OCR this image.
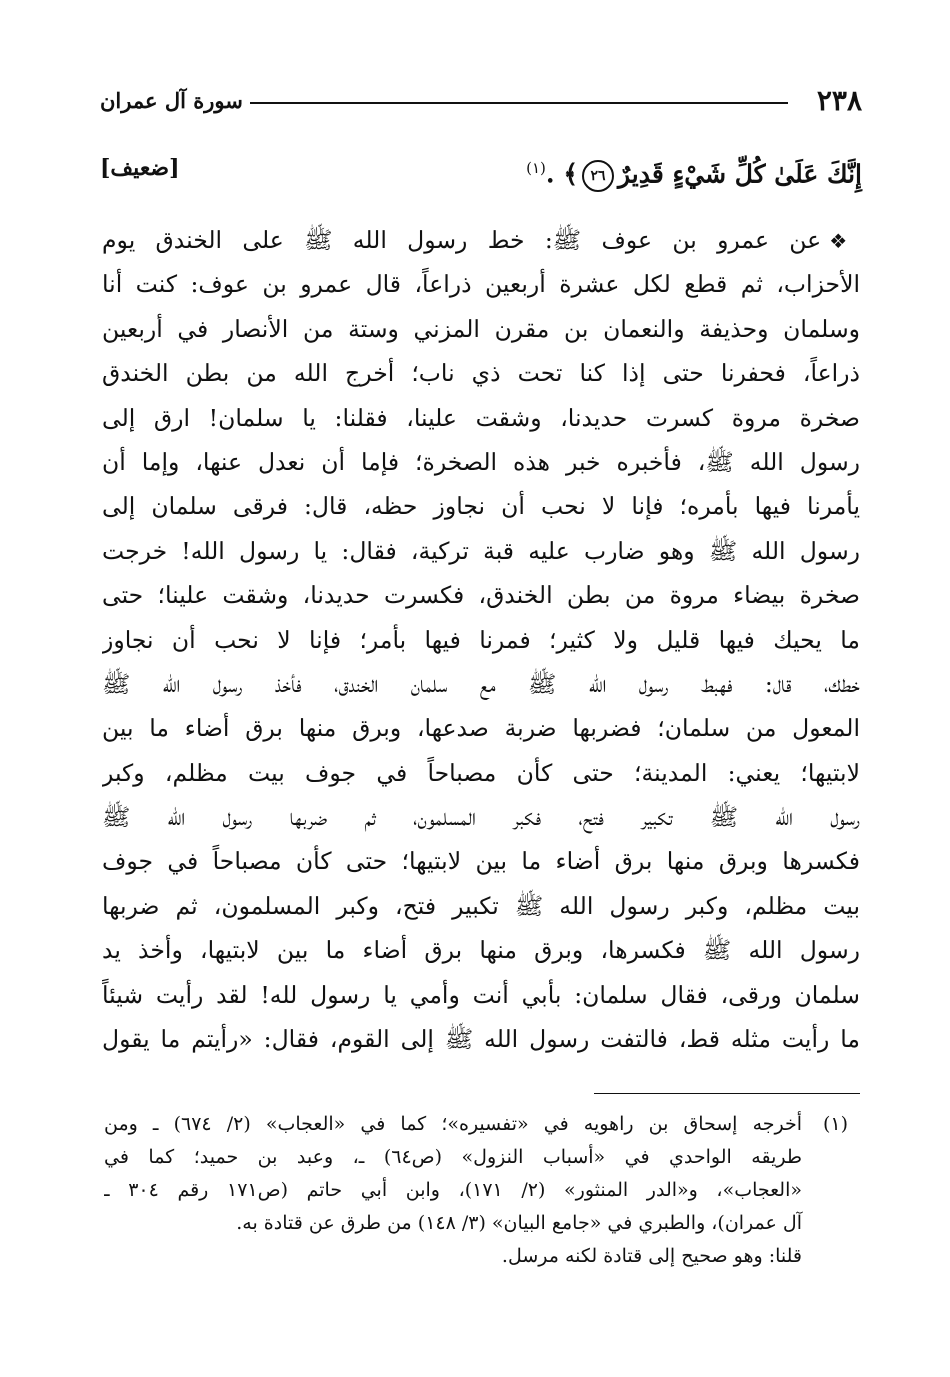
٢٣٨
سورة آل عمران
إِنَّكَ عَلَىٰ كُلِّ شَيْءٍ قَدِيرٌ٢٦﴾ .$^{(١)}$
[ضعيف]
❖عن عمرو بن عوف ﷺ: خط رسول الله ﷺ على الخندق يوم
الأحزاب، ثم قطع لكل عشرة أربعين ذراعاً، قال عمرو بن عوف: كنت أنا
وسلمان وحذيفة والنعمان بن مقرن المزني وستة من الأنصار في أربعين
ذراعاً، فحفرنا حتى إذا كنا تحت ذي ناب؛ أخرج الله من بطن الخندق
صخرة مروة كسرت حديدنا، وشقت علينا، فقلنا: يا سلمان! ارق إلى
رسول الله ﷺ، فأخبره خبر هذه الصخرة؛ فإما أن نعدل عنها، وإما أن
يأمرنا فيها بأمره؛ فإنا لا نحب أن نجاوز حظه، قال: فرقى سلمان إلى
رسول الله ﷺ وهو ضارب عليه قبة تركية، فقال: يا رسول الله! خرجت
صخرة بيضاء مروة من بطن الخندق، فكسرت حديدنا، وشقت علينا؛ حتى
ما يحيك فيها قليل ولا كثير؛ فمرنا فيها بأمر؛ فإنا لا نحب أن نجاوز
خطك، قال: فهبط رسول الله ﷺ مع سلمان الخندق، فأخذ رسول الله ﷺ
المعول من سلمان؛ فضربها ضربة صدعها، وبرق منها برق أضاء ما بين
لابتيها؛ يعني: المدينة؛ حتى كأن مصباحاً في جوف بيت مظلم، وكبر
رسول الله ﷺ تكبير فتح، فكبر المسلمون، ثم ضربها رسول الله ﷺ
فكسرها وبرق منها برق أضاء ما بين لابتيها؛ حتى كأن مصباحاً في جوف
بيت مظلم، وكبر رسول الله ﷺ تكبير فتح، وكبر المسلمون، ثم ضربها
رسول الله ﷺ فكسرها، وبرق منها برق أضاء ما بين لابتيها، وأخذ يد
سلمان ورقى، فقال سلمان: بأبي أنت وأمي يا رسول لله! لقد رأيت شيئاً
ما رأيت مثله قط، فالتفت رسول الله ﷺ إلى القوم، فقال: «رأيتم ما يقول
(١)أخرجه إسحاق بن راهويه في «تفسيره»؛ كما في «العجاب» (٢/ ٦٧٤) ـ ومن
طريقه الواحدي في «أسباب النزول» (ص٦٤) ـ، وعبد بن حميد؛ كما في
«العجاب»، و«الدر المنثور» (٢/ ١٧١)، وابن أبي حاتم (ص١٧١ رقم ٣٠٤ ـ
آل عمران)، والطبري في «جامع البيان» (٣/ ١٤٨) من طرق عن قتادة به.
قلنا: وهو صحيح إلى قتادة لكنه مرسل.
